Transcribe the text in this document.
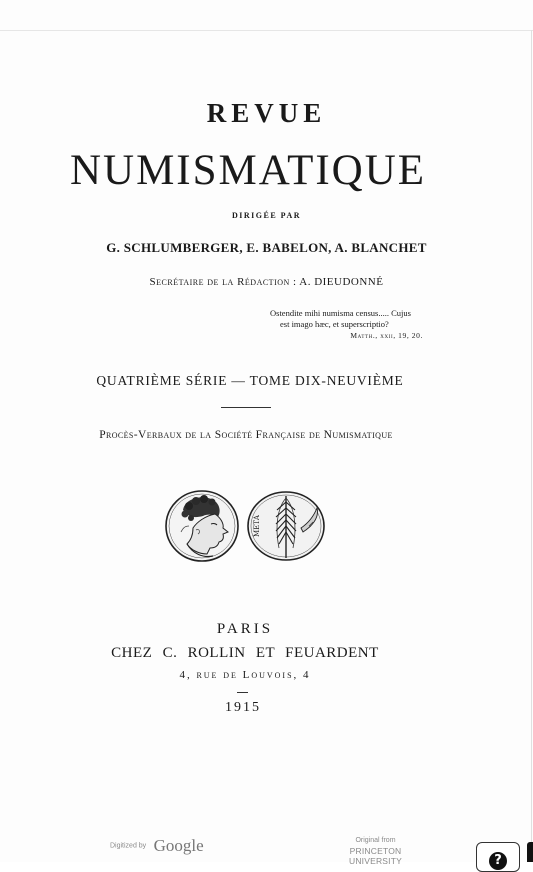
REVUE
NUMISMATIQUE
DIRIGÉE PAR
G. SCHLUMBERGER, E. BABELON, A. BLANCHET
Secrétaire de la Rédaction : A. DIEUDONNÉ
Ostendite mihi numisma census..... Cujus
est imago hæc, et superscriptio?
Matth., xxii, 19, 20.
QUATRIÈME SÉRIE — TOME DIX-NEUVIÈME
Procès-Verbaux de la Société Française de Numismatique
ΜΕΤΑ
PARIS
CHEZ C. ROLLIN ET FEUARDENT
4, rue de Louvois, 4
1915
Digitized by Google	Original from
PRINCETON UNIVERSITY	?
